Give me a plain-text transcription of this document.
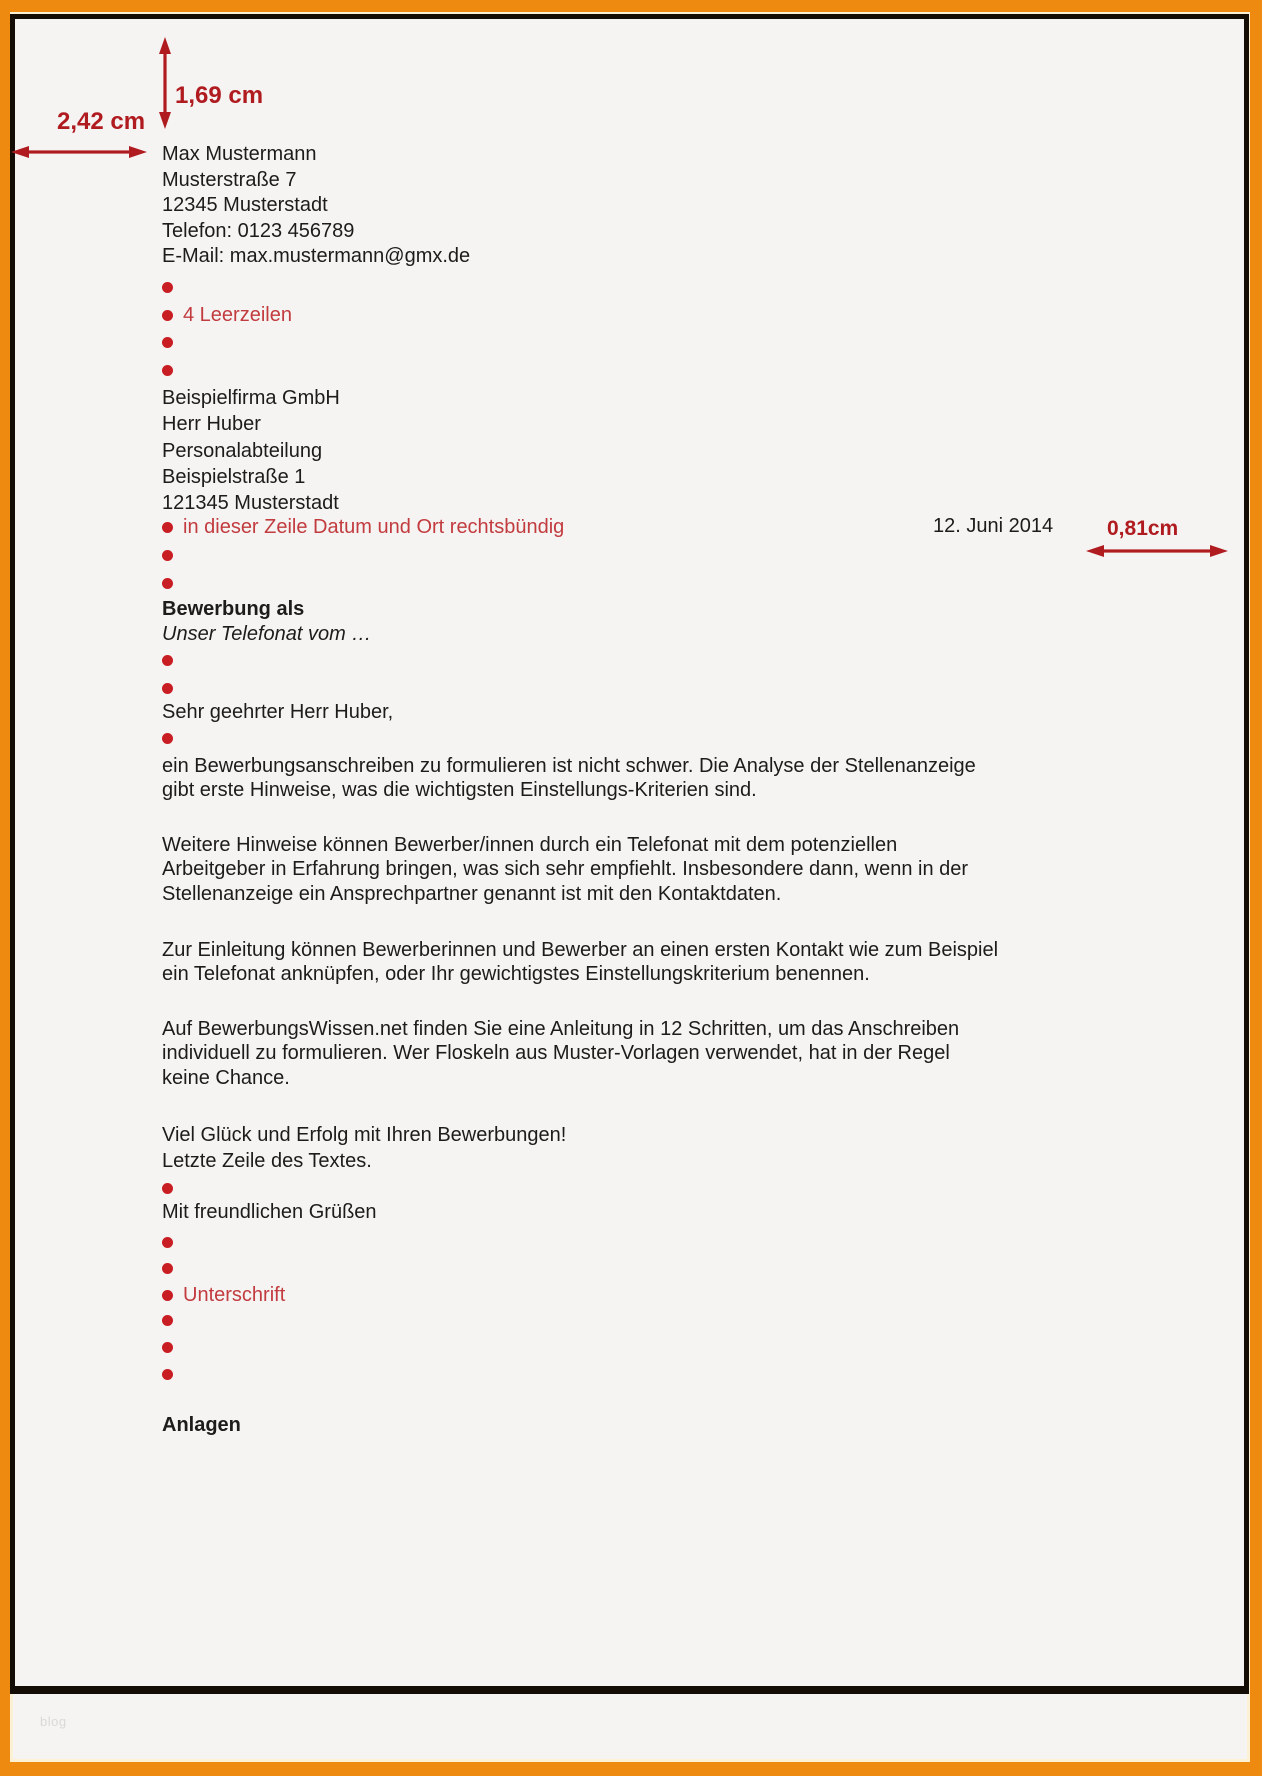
1,69 cm
2,42 cm
Max Mustermann
Musterstraße 7
12345 Musterstadt
Telefon: 0123 456789
E-Mail: max.mustermann@gmx.de
4 Leerzeilen
Beispielfirma GmbH
Herr Huber
Personalabteilung
Beispielstraße 1
121345 Musterstadt
in dieser Zeile Datum und Ort rechtsbündig	12. Juni 2014	0,81cm
Bewerbung als
Unser Telefonat vom …
Sehr geehrter Herr Huber,
ein Bewerbungsanschreiben zu formulieren ist nicht schwer. Die Analyse der Stellenanzeige
gibt erste Hinweise, was die wichtigsten Einstellungs-Kriterien sind.
Weitere Hinweise können Bewerber/innen durch ein Telefonat mit dem potenziellen
Arbeitgeber in Erfahrung bringen, was sich sehr empfiehlt. Insbesondere dann, wenn in der
Stellenanzeige ein Ansprechpartner genannt ist mit den Kontaktdaten.
Zur Einleitung können Bewerberinnen und Bewerber an einen ersten Kontakt wie zum Beispiel
ein Telefonat anknüpfen, oder Ihr gewichtigstes Einstellungskriterium benennen.
Auf BewerbungsWissen.net finden Sie eine Anleitung in 12 Schritten, um das Anschreiben
individuell zu formulieren. Wer Floskeln aus Muster-Vorlagen verwendet, hat in der Regel
keine Chance.
Viel Glück und Erfolg mit Ihren Bewerbungen!
Letzte Zeile des Textes.
Mit freundlichen Grüßen
Unterschrift
Anlagen
blog
